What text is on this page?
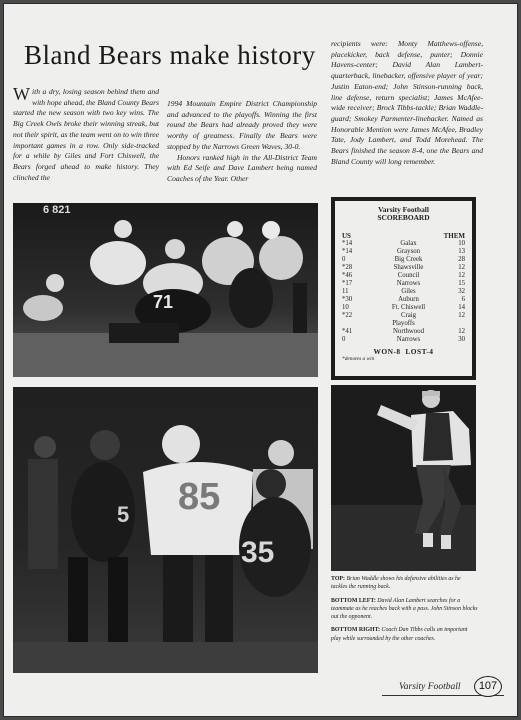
Bland Bears make history

With a dry, losing season behind them and with hope ahead, the Bland County Bears started the new season with two key wins. The Big Creek Owls broke their winning streak, but not their spirit, as the team went on to win three important games in a row. Only side-tracked for a while by Giles and Fort Chiswell, the Bears forged ahead to make history. They clinched the

1994 Mountain Empire District Championship and advanced to the playoffs. Winning the first round the Bears had already proved they were worthy of greatness. Finally the Bears were stopped by the Narrows Green Waves, 30-0.

Honors ranked high in the All-District Team with Ed Seife and Dave Lambert being named Coaches of the Year. Other

recipients were: Monty Matthews-offense, placekicker, back defense, punter; Donnie Havens-center; David Alan Lambert-quarterback, linebacker, offensive player of year; Justin Eaton-end; John Stinson-running back, line defense, return specialist; James McAfee-wide receiver; Brock Tibbs-tackle; Brian Waddle-guard; Smokey Parmenter-linebacker. Named as Honorable Mention were James McAfee, Bradley Tate, Jody Lambert, and Todd Morehead. The Bears finished the season 8-4, one the Bears and Bland County will long remember.

6 821
71
Varsity Football
SCOREBOARD
US	THEM
*14	Galax	10
*14	Grayson	13
0	Big Creek	28
*28	Shawsville	12
*46	Council	12
*17	Narrows	15
11	Giles	32
*30	Auburn	6
10	Ft. Chiswell	14
*22	Craig	12
Playoffs
*41	Northwood	12
0	Narrows	30
WON-8 LOST-4
*denotes a win
5 85
35

TOP: Brian Waddle shows his defensive abilities as he tackles the running back.

BOTTOM LEFT: David Alan Lambert searches for a teammate as he reaches back with a pass. John Stinson blocks out the opponent.

BOTTOM RIGHT: Coach Dan Tibbs calls an important play while surrounded by the other coaches.

Varsity Football	107
